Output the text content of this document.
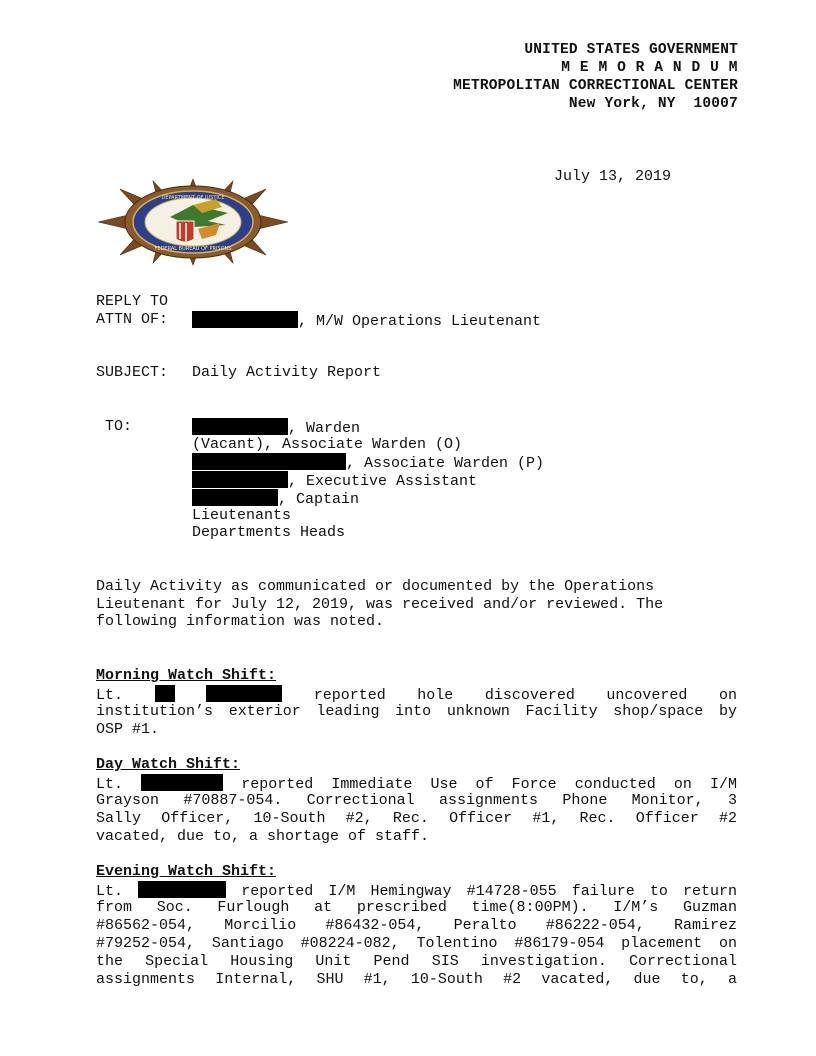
UNITED STATES GOVERNMENT
M E M O R A N D U M
METROPOLITAN CORRECTIONAL CENTER
New York, NY  10007

DEPARTMENT OF JUSTICE
FEDERAL BUREAU OF PRISONS

July 13, 2019
REPLY TO
ATTN OF:	, M/W Operations Lieutenant
SUBJECT: Daily Activity Report
TO:	, Warden
(Vacant), Associate Warden (O)
, Associate Warden (P)
, Executive Assistant
, Captain
Lieutenants
Departments Heads
Daily Activity as communicated or documented by the Operations
Lieutenant for July 12, 2019, was received and/or reviewed. The
following information was noted.
Morning Watch Shift:
Lt.	reported hole discovered uncovered on
institution’s exterior leading into unknown Facility shop/space by
OSP #1.
Day Watch Shift:
Lt.	reported Immediate Use of Force conducted on I/M
Grayson #70887-054. Correctional assignments Phone Monitor, 3
Sally Officer, 10-South #2, Rec. Officer #1, Rec. Officer #2
vacated, due to, a shortage of staff.
Evening Watch Shift:
Lt.	reported I/M Hemingway #14728-055 failure to return
from Soc. Furlough at prescribed time(8:00PM). I/M’s Guzman
#86562-054, Morcilio #86432-054, Peralto #86222-054, Ramirez
#79252-054, Santiago #08224-082, Tolentino #86179-054 placement on
the Special Housing Unit Pend SIS investigation. Correctional
assignments Internal, SHU #1, 10-South #2 vacated, due to, a
